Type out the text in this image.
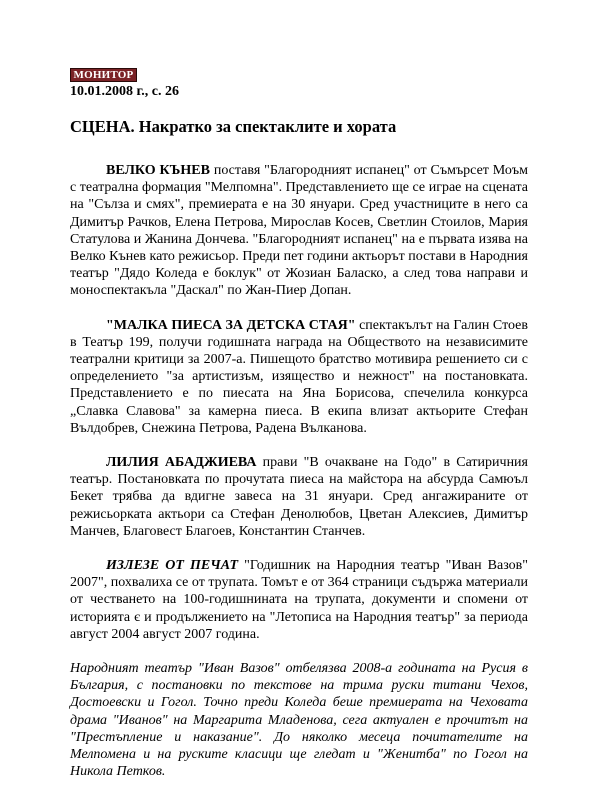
МОНИТОР
10.01.2008 г., с. 26
СЦЕНА. Накратко за спектаклите и хората

ВЕЛКО КЪНЕВ поставя "Благородният испанец" от Съмърсет Моъм с театрална формация "Мелпомна". Представлението ще се играе на сцената на "Сълза и смях", премиерата е на 30 януари. Сред участниците в него са Димитър Рачков, Елена Петрова, Мирослав Косев, Светлин Стоилов, Мария Статулова и Жанина Дончева. "Благородният испанец" на е първата изява на Велко Кънев като режисьор. Преди пет години актьорът постави в Народния театър "Дядо Коледа е боклук" от Жозиан Баласко, а след това направи и моноспектакъла "Даскал" по Жан-Пиер Допан.

"МАЛКА ПИЕСА ЗА ДЕТСКА СТАЯ" спектакълът на Галин Стоев в Театър 199, получи годишната награда на Обществото на независимите театрални критици за 2007-а. Пишещото братство мотивира решението си с определението "за артистизъм, изящество и нежност" на постановката. Представлението е по пиесата на Яна Борисова, спечелила конкурса „Славка Славова" за камерна пиеса. В екипа влизат актьорите Стефан Вълдобрев, Снежина Петрова, Радена Вълканова.

ЛИЛИЯ АБАДЖИЕВА прави "В очакване на Годо" в Сатиричния театър. Постановката по прочутата пиеса на майстора на абсурда Самюъл Бекет трябва да вдигне завеса на 31 януари. Сред ангажираните от режисьорката актьори са Стефан Денолюбов, Цветан Алексиев, Димитър Манчев, Благовест Благоев, Константин Станчев.

ИЗЛЕЗЕ ОТ ПЕЧАТ "Годишник на Народния театър "Иван Вазов" 2007", похвалиха се от трупата. Томът е от 364 страници съдържа материали от честването на 100-годишнината на трупата, документи и спомени от историята є и продължението на "Летописа на Народния театър" за периода август 2004 август 2007 година.

Народният театър "Иван Вазов" отбелязва 2008-а годината на Русия в България, с постановки по текстове на трима руски титани Чехов, Достоевски и Гогол. Точно преди Коледа беше премиерата на Чеховата драма "Иванов" на Маргарита Младенова, сега актуален е прочитът на "Престъпление и наказание". До няколко месеца почитателите на Мелпомена и на руските класици ще гледат и "Женитба" по Гогол на Никола Петков.
